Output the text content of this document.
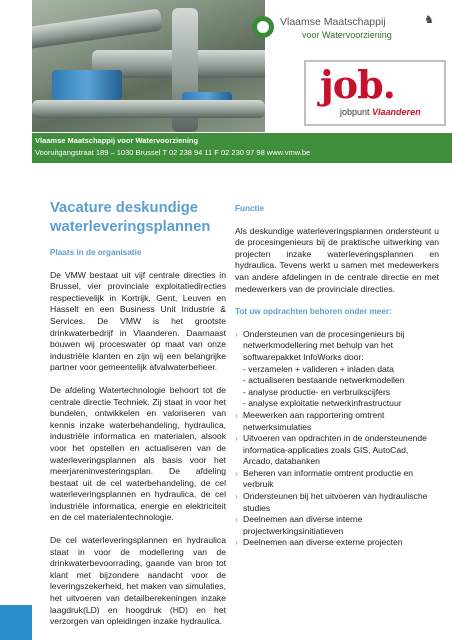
Vlaamse Maatschappij
voor Watervoorziening
♞
job.
jobpunt Vlaanderen
Vlaamse Maatschappij voor Watervoorziening
Vooruitgangstraat 189 – 1030 Brussel T 02 238 94 11 F 02 230 97 98 www.vmw.be
Vacature deskundige waterleveringsplannen

Plaats in de organisatie

De VMW bestaat uit vijf centrale directies in Brussel, vier provinciale exploitatiedirecties respectievelijk in Kortrijk, Gent, Leuven en Hasselt en een Business Unit Industrie & Services. De VMW is het grootste drinkwaterbedrijf in Vlaanderen. Daarnaast bouwen wij proceswater op maat van onze industriële klanten en zijn wij een belangrijke partner voor gemeentelijk afvalwaterbeheer.

De afdeling Watertechnologie behoort tot de centrale directie Techniek. Zij staat in voor het bundelen, ontwikkelen en valoriseren van kennis inzake waterbehandeling, hydraulica, industriële informatica en materialen, alsook voor het opstellen en actualiseren van de waterleveringsplannen als basis voor het meerjareninvesteringsplan. De afdeling bestaat uit de cel waterbehandeling, de cel waterleveringsplannen en hydraulica, de cel industriële informatica, energie en elektriciteit en de cel materialentechnologie.

De cel waterleveringsplannen en hydraulica staat in voor de modellering van de drinkwaterbevoorrading, gaande van bron tot klant met bijzondere aandacht voor de leveringszekerheid, het maken van simulaties, het uitvoeren van detailberekeningen inzake laagdruk(LD) en hoogdruk (HD) en het verzorgen van opleidingen inzake hydraulica.

Functie

Als deskundige waterleveringsplannen ondersteunt u de procesingenieurs bij de praktische uitwerking van projecten inzake waterleveringsplannen en hydraulica. Tevens werkt u samen met medewerkers van andere afdelingen in de centrale directie en met medewerkers van de provinciale directies.

Tot uw opdrachten behoren onder meer:

› Ondersteunen van de procesingenieurs bij netwerkmodellering met behulp van het softwarepakket InfoWorks door:
- verzamelen + valideren + inladen data
- actualiseren bestaande netwerkmodellen
- analyse productie- en verbruikscijfers
- analyse exploitatie netwerkinfrastructuur
› Meewerken aan rapportering omtrent netwerksimulaties
› Uitvoeren van opdrachten in de ondersteunende informatica-applicaties zoals GIS, AutoCad, Arcado, databanken
› Beheren van informatie omtrent productie en verbruik
› Ondersteunen bij het uitvoeren van hydraulische studies
› Deelnemen aan diverse interne projectwerkingsinitiatieven
› Deelnemen aan diverse externe projecten
